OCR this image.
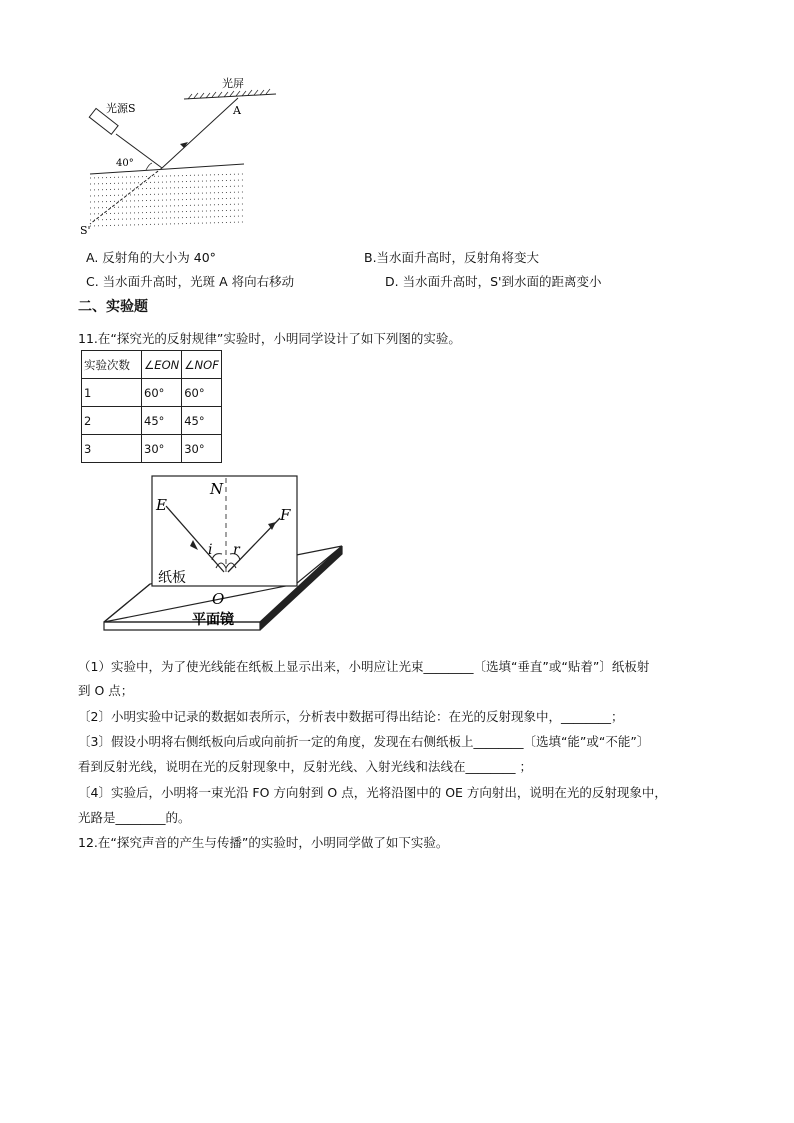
光屏
A
光源S
40°
S'
A. 反射角的大小为 40°	B.当水面升高时，反射角将变大
C. 当水面升高时，光斑 A 将向右移动	D. 当水面升高时，S'到水面的距离变小
二、实验题
11.在“探究光的反射规律”实验时，小明同学设计了如下列图的实验。
实验次数	∠EON	∠NOF
1	60°	60°
2	45°	45°
3	30°	30°
N
E
F
i r
纸板
O
平面镜
（1）实验中，为了使光线能在纸板上显示出来，小明应让光束________〔选填“垂直”或“贴着”〕纸板射
到 O 点；
〔2〕小明实验中记录的数据如表所示，分析表中数据可得出结论：在光的反射现象中，________；
〔3〕假设小明将右侧纸板向后或向前折一定的角度，发现在右侧纸板上________〔选填“能”或“不能”〕
看到反射光线，说明在光的反射现象中，反射光线、入射光线和法线在________ ；
〔4〕实验后，小明将一束光沿 FO 方向射到 O 点，光将沿图中的 OE 方向射出，说明在光的反射现象中，
光路是________的。
12.在“探究声音的产生与传播”的实验时，小明同学做了如下实验。
